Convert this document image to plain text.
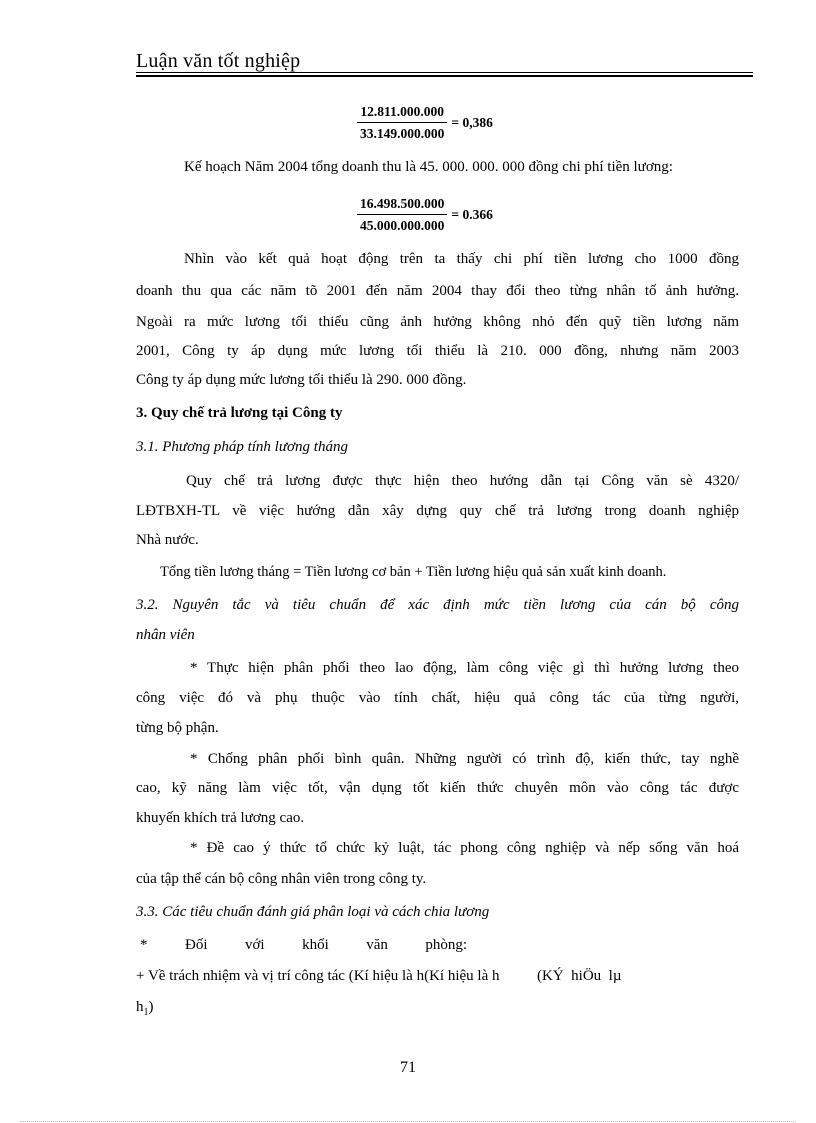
Luận văn tốt nghiệp
$\frac{12.811.000.000}{33.149.000.000} = 0,386$
Kế hoạch Năm 2004 tổng doanh thu là 45. 000. 000. 000 đồng chi phí tiền lương:
$\frac{16.498.500.000}{45.000.000.000} = 0.366$
Nhìn vào kết quả hoạt động trên ta thấy chi phí tiền lương cho 1000 đồng
doanh thu qua các năm tõ 2001 đến năm 2004 thay đổi theo từng nhân tố ảnh hưởng.
Ngoài ra mức lương tối thiểu cũng ảnh hưởng không nhỏ đến quỹ tiền lương năm
2001, Công ty áp dụng mức lương tối thiểu là 210. 000 đồng, nhưng năm 2003
Công ty áp dụng mức lương tối thiểu là 290. 000 đồng.
3. Quy chế trả lương tại Công ty
3.1. Phương pháp tính lương tháng
Quy chế trả lương được thực hiện theo hướng dẫn tại Công văn sè 4320/
LĐTBXH-TL về việc hướng dẫn xây dựng quy chế trả lương trong doanh nghiệp
Nhà nước.
Tổng tiền lương tháng = Tiền lương cơ bản + Tiền lương hiệu quả sản xuất kinh doanh.
3.2. Nguyên tắc và tiêu chuẩn để xác định mức tiền lương của cán bộ công
nhân viên
* Thực hiện phân phối theo lao động, làm công việc gì thì hưởng lương theo
công việc đó và phụ thuộc vào tính chất, hiệu quả công tác của từng người,
từng bộ phận.
* Chống phân phối bình quân. Những người có trình độ, kiến thức, tay nghề
cao, kỹ năng làm việc tốt, vận dụng tốt kiến thức chuyên môn vào công tác được
khuyến khích trả lương cao.
* Đề cao ý thức tổ chức kỷ luật, tác phong công nghiệp và nếp sống văn hoá
của tập thể cán bộ công nhân viên trong công ty.
3.3. Các tiêu chuẩn đánh giá phân loại và cách chia lương
*          Đối          với          khối          văn          phòng:
+ Về trách nhiệm và vị trí công tác (Kí hiệu là h(Kí hiệu là h          (KÝ  hiÖu  lµ
$h_1$)
71
